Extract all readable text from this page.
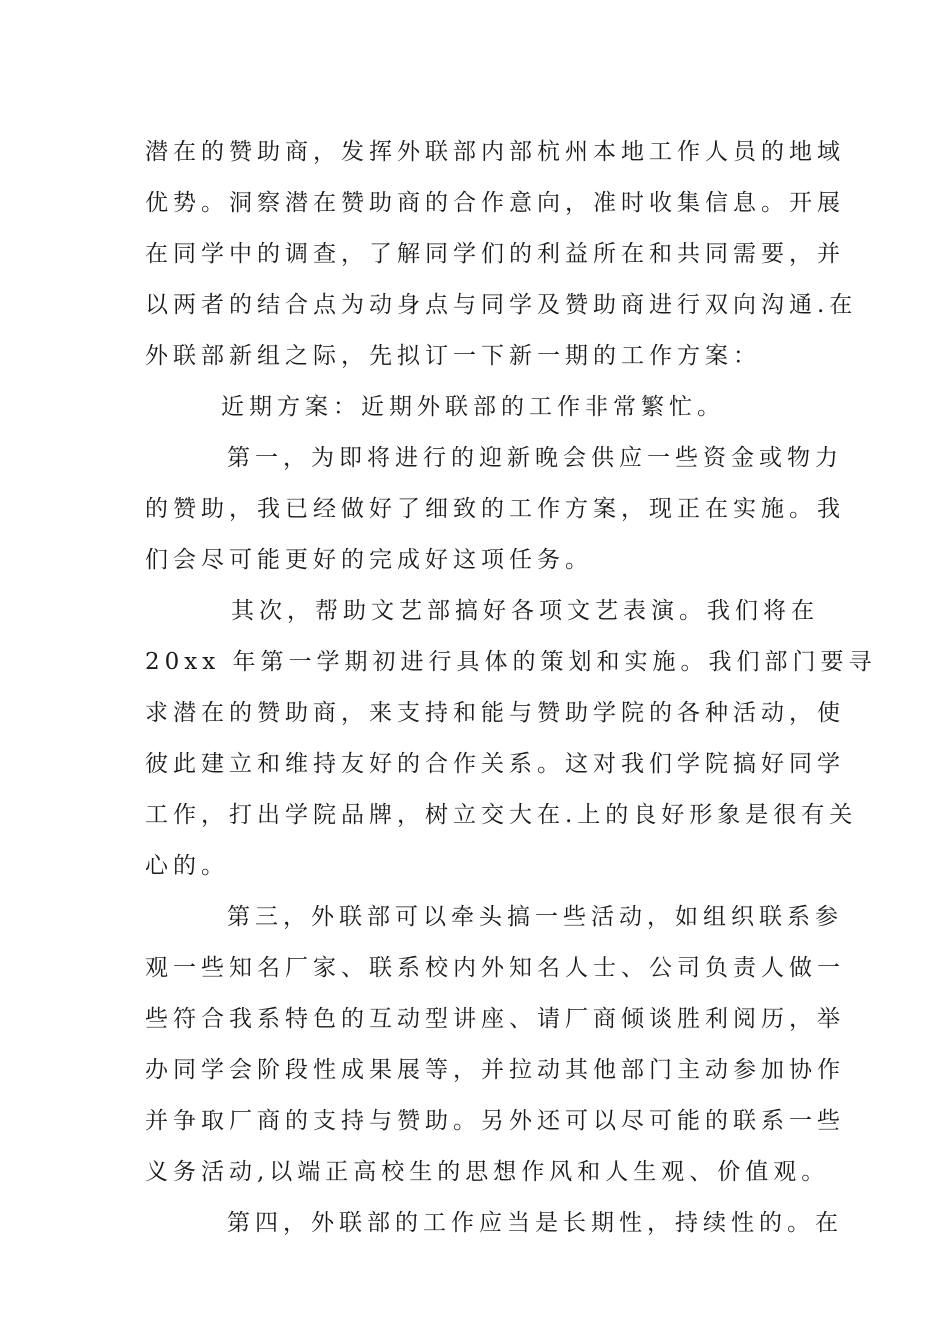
潜在的赞助商，发挥外联部内部杭州本地工作人员的地域
优势。洞察潜在赞助商的合作意向，准时收集信息。开展
在同学中的调查，了解同学们的利益所在和共同需要，并
以两者的结合点为动身点与同学及赞助商进行双向沟通.在
外联部新组之际，先拟订一下新一期的工作方案：
近期方案：近期外联部的工作非常繁忙。
第一，为即将进行的迎新晚会供应一些资金或物力
的赞助，我已经做好了细致的工作方案，现正在实施。我
们会尽可能更好的完成好这项任务。
其次，帮助文艺部搞好各项文艺表演。我们将在
20xx 年第一学期初进行具体的策划和实施。我们部门要寻
求潜在的赞助商，来支持和能与赞助学院的各种活动，使
彼此建立和维持友好的合作关系。这对我们学院搞好同学
工作，打出学院品牌，树立交大在.上的良好形象是很有关
心的。
第三，外联部可以牵头搞一些活动，如组织联系参
观一些知名厂家、联系校内外知名人士、公司负责人做一
些符合我系特色的互动型讲座、请厂商倾谈胜利阅历，举
办同学会阶段性成果展等，并拉动其他部门主动参加协作
并争取厂商的支持与赞助。另外还可以尽可能的联系一些
义务活动,以端正高校生的思想作风和人生观、价值观。
第四，外联部的工作应当是长期性，持续性的。在
